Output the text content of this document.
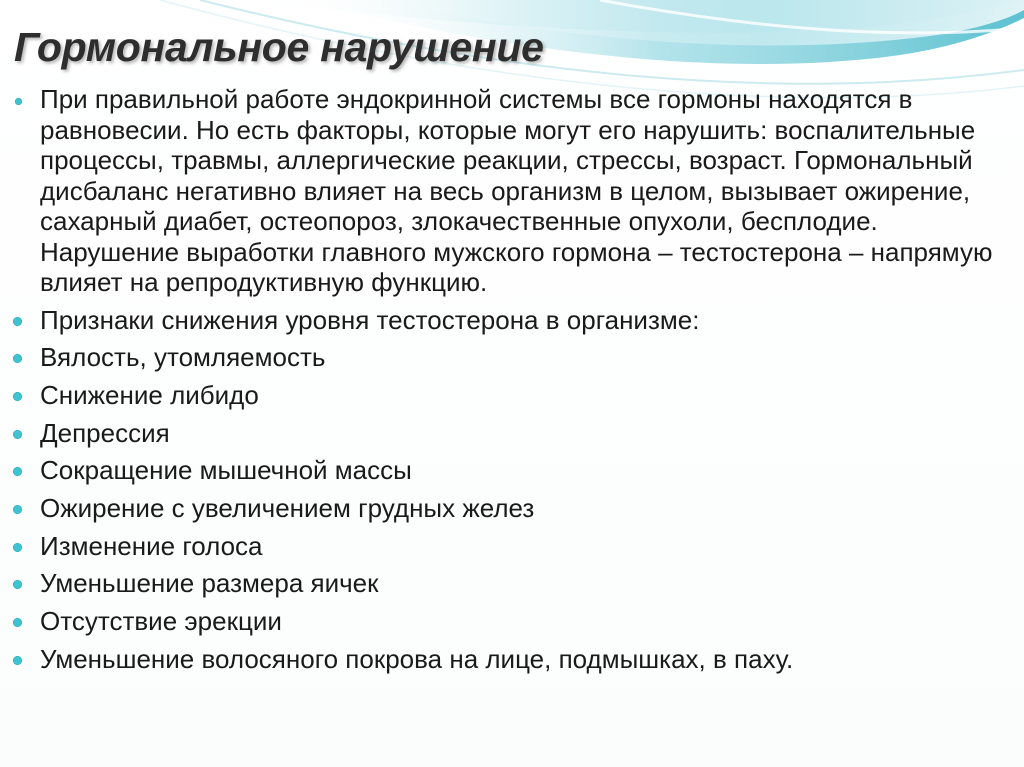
Гормональное нарушение
При правильной работе эндокринной системы все гормоны находятся в равновесии. Но есть факторы, которые могут его нарушить: воспалительные процессы, травмы, аллергические реакции, стрессы, возраст. Гормональный дисбаланс негативно влияет на весь организм в целом, вызывает ожирение, сахарный диабет, остеопороз, злокачественные опухоли, бесплодие. Нарушение выработки главного мужского гормона – тестостерона – напрямую влияет на репродуктивную функцию.
Признаки снижения уровня тестостерона в организме:
Вялость, утомляемость
Снижение либидо
Депрессия
Сокращение мышечной массы
Ожирение с увеличением грудных желез
Изменение голоса
Уменьшение размера яичек
Отсутствие эрекции
Уменьшение волосяного покрова на лице, подмышках, в паху.
